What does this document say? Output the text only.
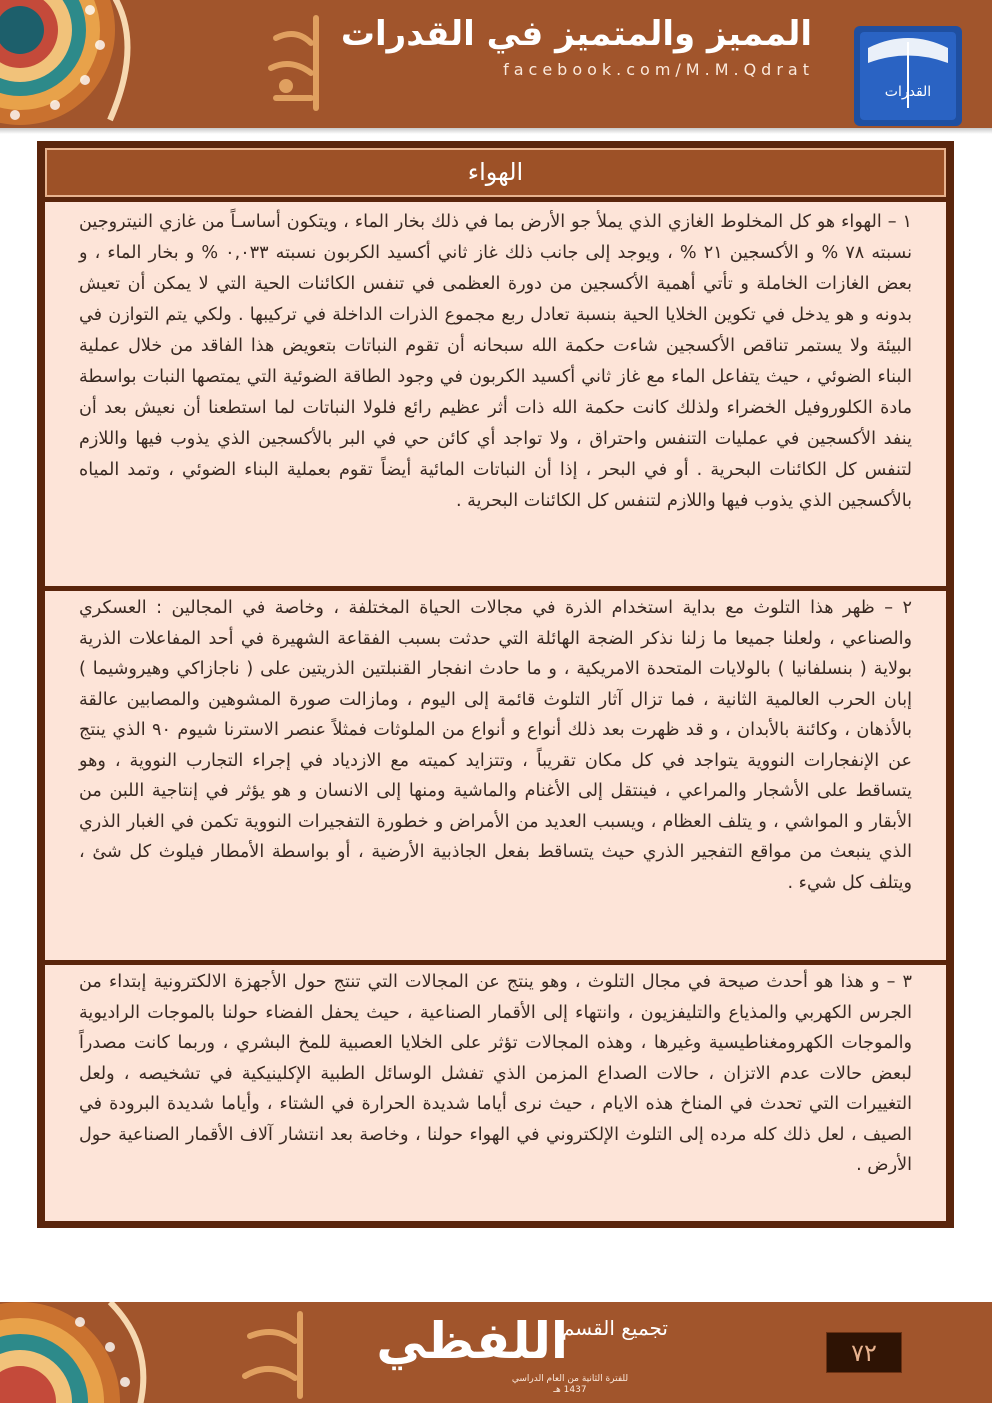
المميز والمتميز في القدرات
facebook.com/M.M.Qdrat
القدرات
الهواء

١ – الهواء هو كل المخلوط الغازي الذي يملأ جو الأرض بما في ذلك بخار الماء ، ويتكون أساسـاً من غازي النيتروجين نسبته ٧٨ % و الأكسجين ٢١ % ، ويوجد إلى جانب ذلك غاز ثاني أكسيد الكربون نسبته ٠,٠٣٣ % و بخار الماء ، و بعض الغازات الخاملة و تأتي أهمية الأكسجين من دورة العظمى في تنفس الكائنات الحية التي لا يمكن أن تعيش بدونه و هو يدخل في تكوين الخلايا الحية بنسبة تعادل ربع مجموع الذرات الداخلة في تركيبها . ولكي يتم التوازن في البيئة ولا يستمر تناقص الأكسجين شاءت حكمة الله سبحانه أن تقوم النباتات بتعويض هذا الفاقد من خلال عملية البناء الضوئي ، حيث يتفاعل الماء مع غاز ثاني أكسيد الكربون في وجود الطاقة الضوئية التي يمتصها النبات بواسطة مادة الكلوروفيل الخضراء ولذلك كانت حكمة الله ذات أثر عظيم رائع فلولا النباتات لما استطعنا أن نعيش بعد أن ينفد الأكسجين في عمليات التنفس واحتراق ، ولا تواجد أي كائن حي في البر بالأكسجين الذي يذوب فيها واللازم لتنفس كل الكائنات البحرية . أو في البحر ، إذا أن النباتات المائية أيضاً تقوم بعملية البناء الضوئي ، وتمد المياه بالأكسجين الذي يذوب فيها واللازم لتنفس كل الكائنات البحرية .

٢ – ظهر هذا التلوث مع بداية استخدام الذرة في مجالات الحياة المختلفة ، وخاصة في المجالين : العسكري والصناعي ، ولعلنا جميعا ما زلنا نذكر الضجة الهائلة التي حدثت بسبب الفقاعة الشهيرة في أحد المفاعلات الذرية بولاية ( بنسلفانيا ) بالولايات المتحدة الامريكية ، و ما حادث انفجار القنبلتين الذريتين على ( ناجازاكي وهيروشيما ) إبان الحرب العالمية الثانية ، فما تزال آثار التلوث قائمة إلى اليوم ، ومازالت صورة المشوهين والمصابين عالقة بالأذهان ، وكائنة بالأبدان ، و قد ظهرت بعد ذلك أنواع و أنواع من الملوثات فمثلاً عنصر الاسترنا شيوم ٩٠ الذي ينتج عن الإنفجارات النووية يتواجد في كل مكان تقريباً ، وتتزايد كميته مع الازدياد في إجراء التجارب النووية ، وهو يتساقط على الأشجار والمراعي ، فينتقل إلى الأغنام والماشية ومنها إلى الانسان و هو يؤثر في إنتاجية اللبن من الأبقار و المواشي ، و يتلف العظام ، ويسبب العديد من الأمراض و خطورة التفجيرات النووية تكمن في الغبار الذري الذي ينبعث من مواقع التفجير الذري حيث يتساقط بفعل الجاذبية الأرضية ، أو بواسطة الأمطار فيلوث كل شئ ، ويتلف كل شيء .

٣ – و هذا هو أحدث صيحة في مجال التلوث ، وهو ينتج عن المجالات التي تنتج حول الأجهزة الالكترونية إبتداء من الجرس الكهربي والمذياع والتليفزيون ، وانتهاء إلى الأقمار الصناعية ، حيث يحفل الفضاء حولنا بالموجات الراديوية والموجات الكهرومغناطيسية وغيرها ، وهذه المجالات تؤثر على الخلايا العصبية للمخ البشري ، وربما كانت مصدراً لبعض حالات عدم الاتزان ، حالات الصداع المزمن الذي تفشل الوسائل الطبية الإكلينيكية في تشخيصه ، ولعل التغييرات التي تحدث في المناخ هذه الايام ، حيث نرى أياما شديدة الحرارة في الشتاء ، وأياما شديدة البرودة في الصيف ، لعل ذلك كله مرده إلى التلوث الإلكتروني في الهواء حولنا ، وخاصة بعد انتشار آلاف الأقمار الصناعية حول الأرض .

تجميع القسم
اللفظي
للفترة الثانية من العام الدراسي 1437 هـ
٧٢
